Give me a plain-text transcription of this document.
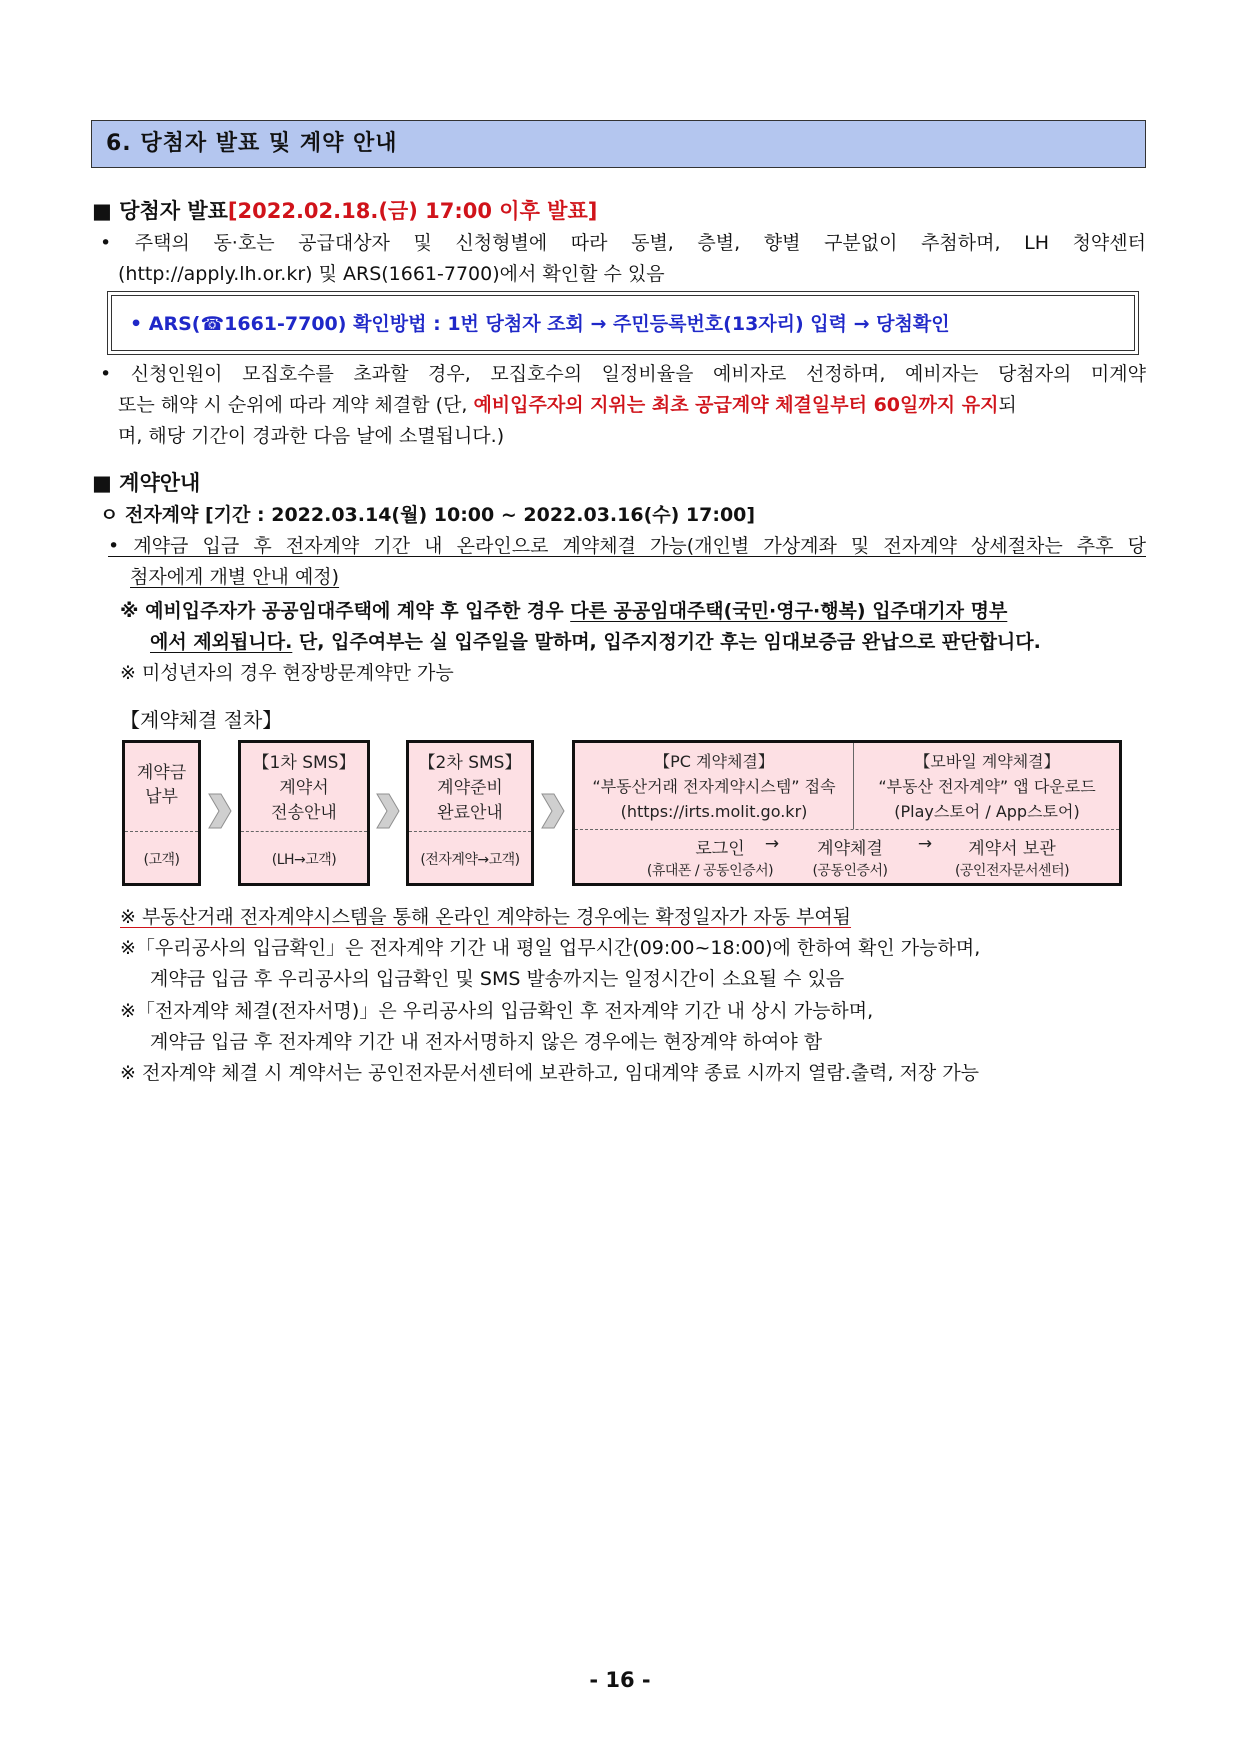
6. 당첨자 발표 및 계약 안내
■ 당첨자 발표[2022.02.18.(금) 17:00 이후 발표]
• 주택의 동·호는 공급대상자 및 신청형별에 따라 동별, 층별, 향별 구분없이 추첨하며, LH 청약센터
(http://apply.lh.or.kr) 및 ARS(1661-7700)에서 확인할 수 있음
• ARS(☎1661-7700) 확인방법 : 1번 당첨자 조회 → 주민등록번호(13자리) 입력 → 당첨확인
• 신청인원이 모집호수를 초과할 경우, 모집호수의 일정비율을 예비자로 선정하며, 예비자는 당첨자의 미계약
또는 해약 시 순위에 따라 계약 체결함 (단, 예비입주자의 지위는 최초 공급계약 체결일부터 60일까지 유지되
며, 해당 기간이 경과한 다음 날에 소멸됩니다.)
■ 계약안내
ㅇ 전자계약 [기간 : 2022.03.14(월) 10:00 ~ 2022.03.16(수) 17:00]
• 계약금 입금 후 전자계약 기간 내 온라인으로 계약체결 가능(개인별 가상계좌 및 전자계약 상세절차는 추후 당
첨자에게 개별 안내 예정)
※ 예비입주자가 공공임대주택에 계약 후 입주한 경우 다른 공공임대주택(국민·영구·행복) 입주대기자 명부
에서 제외됩니다. 단, 입주여부는 실 입주일을 말하며, 입주지정기간 후는 임대보증금 완납으로 판단합니다.
※ 미성년자의 경우 현장방문계약만 가능
【계약체결 절차】
계약금
납부
(고객)
【1차 SMS】
계약서
전송안내
(LH→고객)
【2차 SMS】
계약준비
완료안내
(전자계약→고객)
【PC 계약체결】
“부동산거래 전자계약시스템” 접속
(https://irts.molit.go.kr)
【모바일 계약체결】
“부동산 전자계약” 앱 다운로드
(Play스토어 / App스토어)
로그인	→	계약체결	→	계약서 보관
(휴대폰 / 공동인증서)	(공동인증서)	(공인전자문서센터)
※ 부동산거래 전자계약시스템을 통해 온라인 계약하는 경우에는 확정일자가 자동 부여됨
※「우리공사의 입금확인」은 전자계약 기간 내 평일 업무시간(09:00~18:00)에 한하여 확인 가능하며,
계약금 입금 후 우리공사의 입금확인 및 SMS 발송까지는 일정시간이 소요될 수 있음
※「전자계약 체결(전자서명)」은 우리공사의 입금확인 후 전자계약 기간 내 상시 가능하며,
계약금 입금 후 전자계약 기간 내 전자서명하지 않은 경우에는 현장계약 하여야 함
※ 전자계약 체결 시 계약서는 공인전자문서센터에 보관하고, 임대계약 종료 시까지 열람.출력, 저장 가능
- 16 -
